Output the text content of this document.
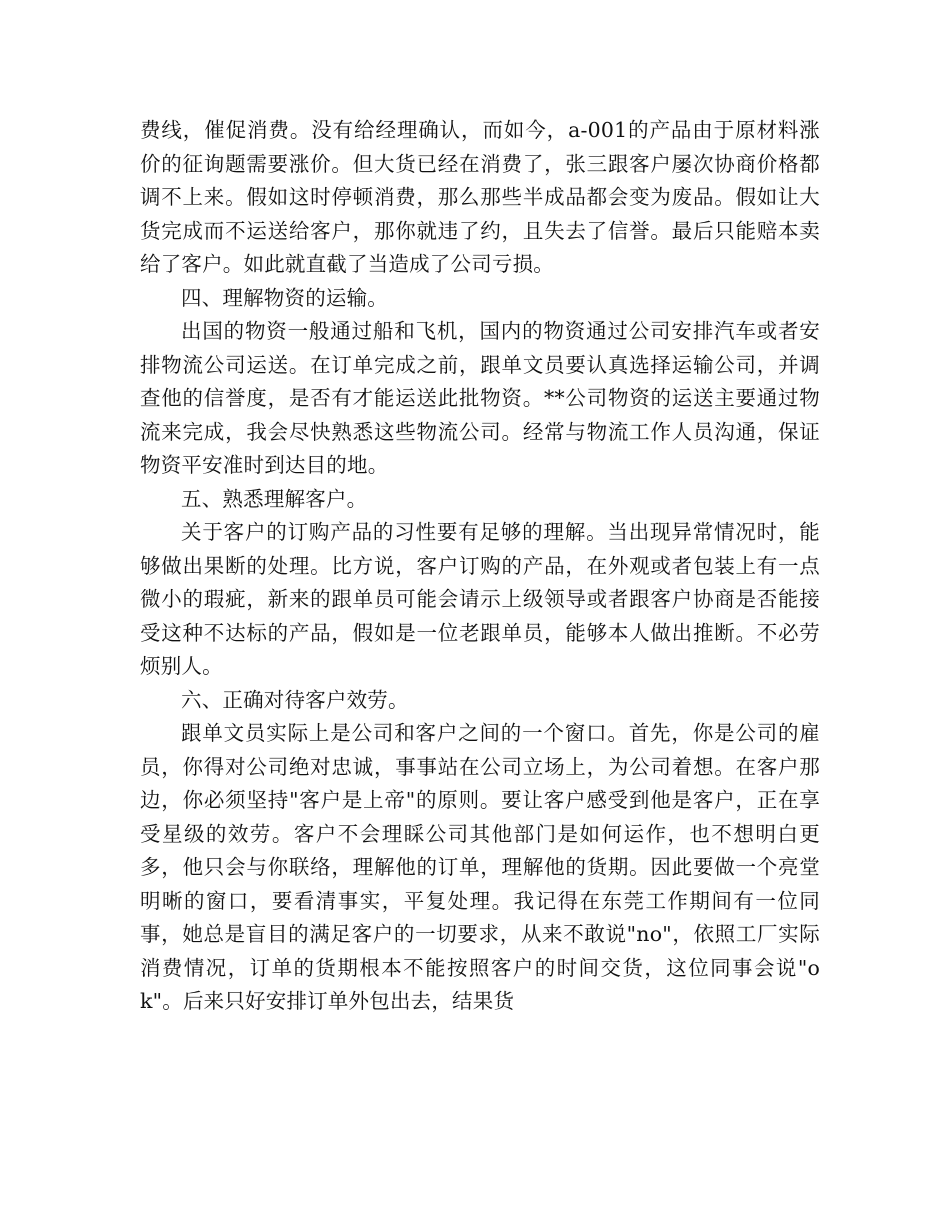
费线，催促消费。没有给经理确认，而如今，a-001的产品由于原材料涨价的征询题需要涨价。但大货已经在消费了，张三跟客户屡次协商价格都调不上来。假如这时停顿消费，那么那些半成品都会变为废品。假如让大货完成而不运送给客户，那你就违了约，且失去了信誉。最后只能赔本卖给了客户。如此就直截了当造成了公司亏损。

四、理解物资的运输。

出国的物资一般通过船和飞机，国内的物资通过公司安排汽车或者安排物流公司运送。在订单完成之前，跟单文员要认真选择运输公司，并调查他的信誉度，是否有才能运送此批物资。**公司物资的运送主要通过物流来完成，我会尽快熟悉这些物流公司。经常与物流工作人员沟通，保证物资平安准时到达目的地。

五、熟悉理解客户。

关于客户的订购产品的习性要有足够的理解。当出现异常情况时，能够做出果断的处理。比方说，客户订购的产品，在外观或者包装上有一点微小的瑕疵，新来的跟单员可能会请示上级领导或者跟客户协商是否能接受这种不达标的产品，假如是一位老跟单员，能够本人做出推断。不必劳烦别人。

六、正确对待客户效劳。

跟单文员实际上是公司和客户之间的一个窗口。首先，你是公司的雇员，你得对公司绝对忠诚，事事站在公司立场上，为公司着想。在客户那边，你必须坚持"客户是上帝"的原则。要让客户感受到他是客户，正在享受星级的效劳。客户不会理睬公司其他部门是如何运作，也不想明白更多，他只会与你联络，理解他的订单，理解他的货期。因此要做一个亮堂明晰的窗口，要看清事实，平复处理。我记得在东莞工作期间有一位同事，她总是盲目的满足客户的一切要求，从来不敢说"no"，依照工厂实际消费情况，订单的货期根本不能按照客户的时间交货，这位同事会说"ok"。后来只好安排订单外包出去，结果货
